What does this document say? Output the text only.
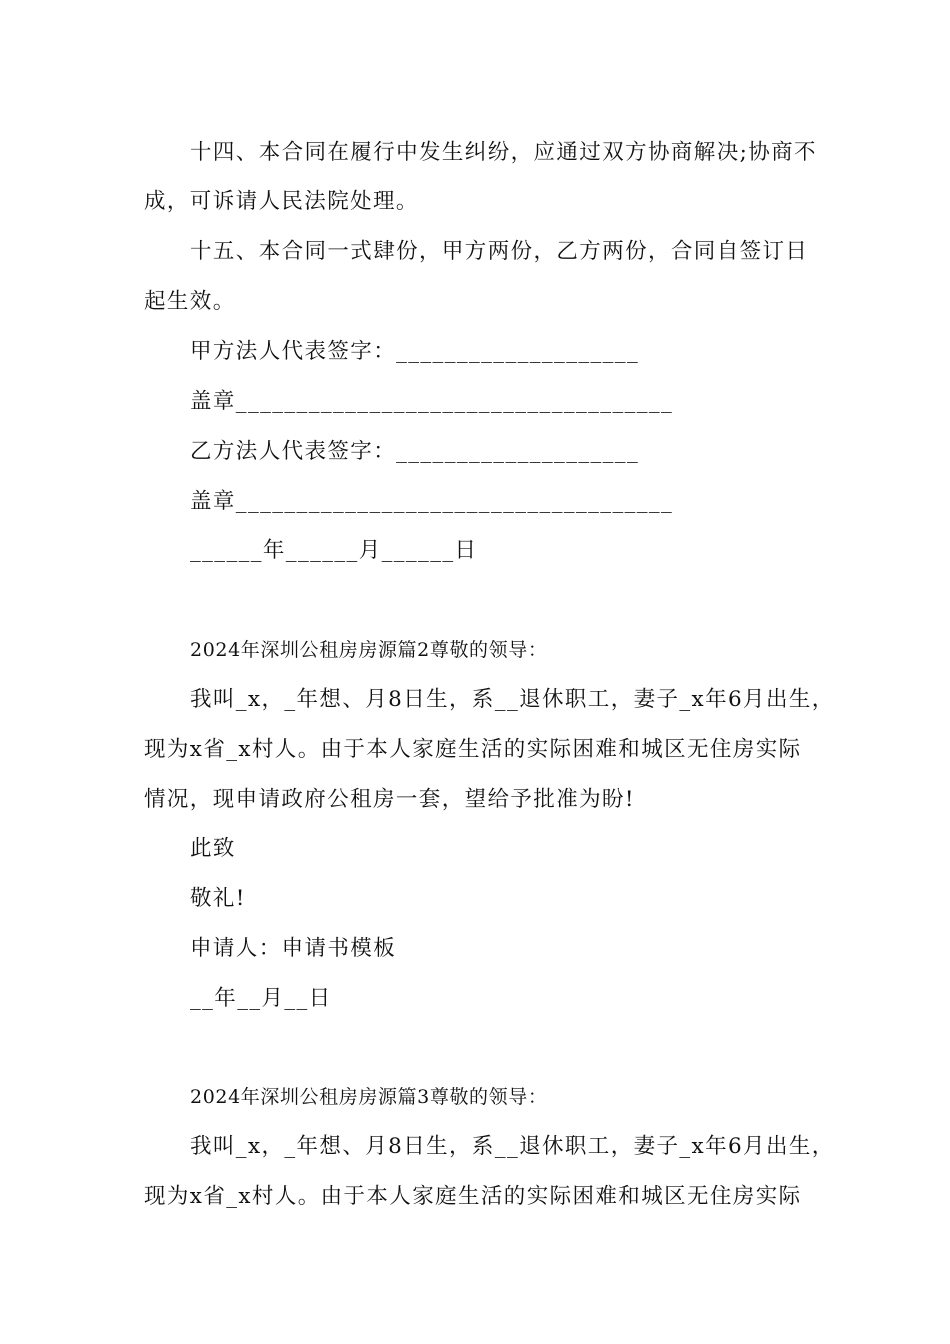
十四、本合同在履行中发生纠纷，应通过双方协商解决;协商不
成，可诉请人民法院处理。
十五、本合同一式肆份，甲方两份，乙方两份，合同自签订日
起生效。
甲方法人代表签字：____________________
盖章____________________________________
乙方法人代表签字：____________________
盖章____________________________________
______年______月______日
2024年深圳公租房房源篇2尊敬的领导：
我叫_x，_年想、月8日生，系__退休职工，妻子_x年6月出生，
现为x省_x村人。由于本人家庭生活的实际困难和城区无住房实际
情况，现申请政府公租房一套，望给予批准为盼!
此致
敬礼!
申请人：申请书模板
__年__月__日
2024年深圳公租房房源篇3尊敬的领导：
我叫_x，_年想、月8日生，系__退休职工，妻子_x年6月出生，
现为x省_x村人。由于本人家庭生活的实际困难和城区无住房实际
